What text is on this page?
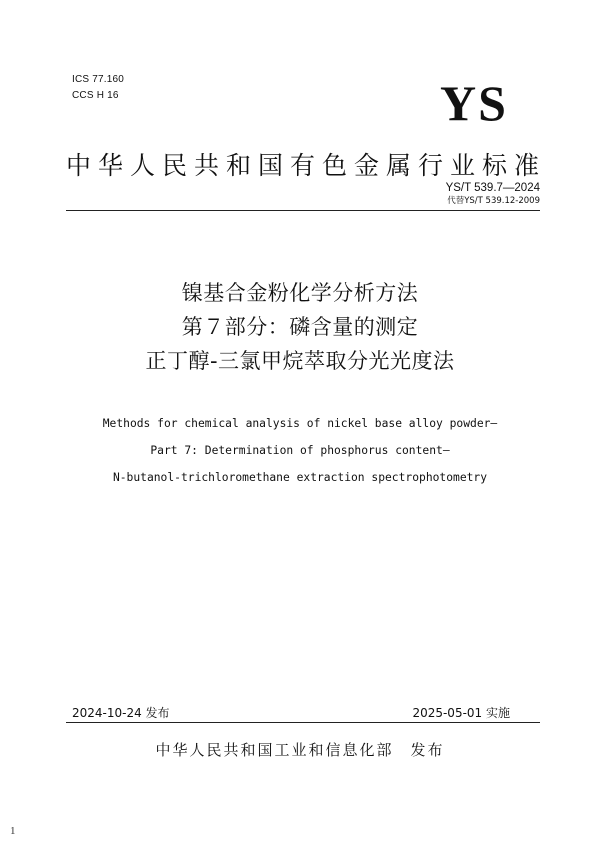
ICS 77.160
CCS H 16	YS
中华人民共和国有色金属行业标准
YS/T 539.7—2024
代替YS/T 539.12-2009
镍基合金粉化学分析方法
第７部分：磷含量的测定
正丁醇-三氯甲烷萃取分光光度法
Methods for chemical analysis of nickel base alloy powder—
Part 7: Determination of phosphorus content—
N-butanol-trichloromethane extraction spectrophotometry
2024-10-24 发布	2025-05-01 实施
中华人民共和国工业和信息化部　发布
1
